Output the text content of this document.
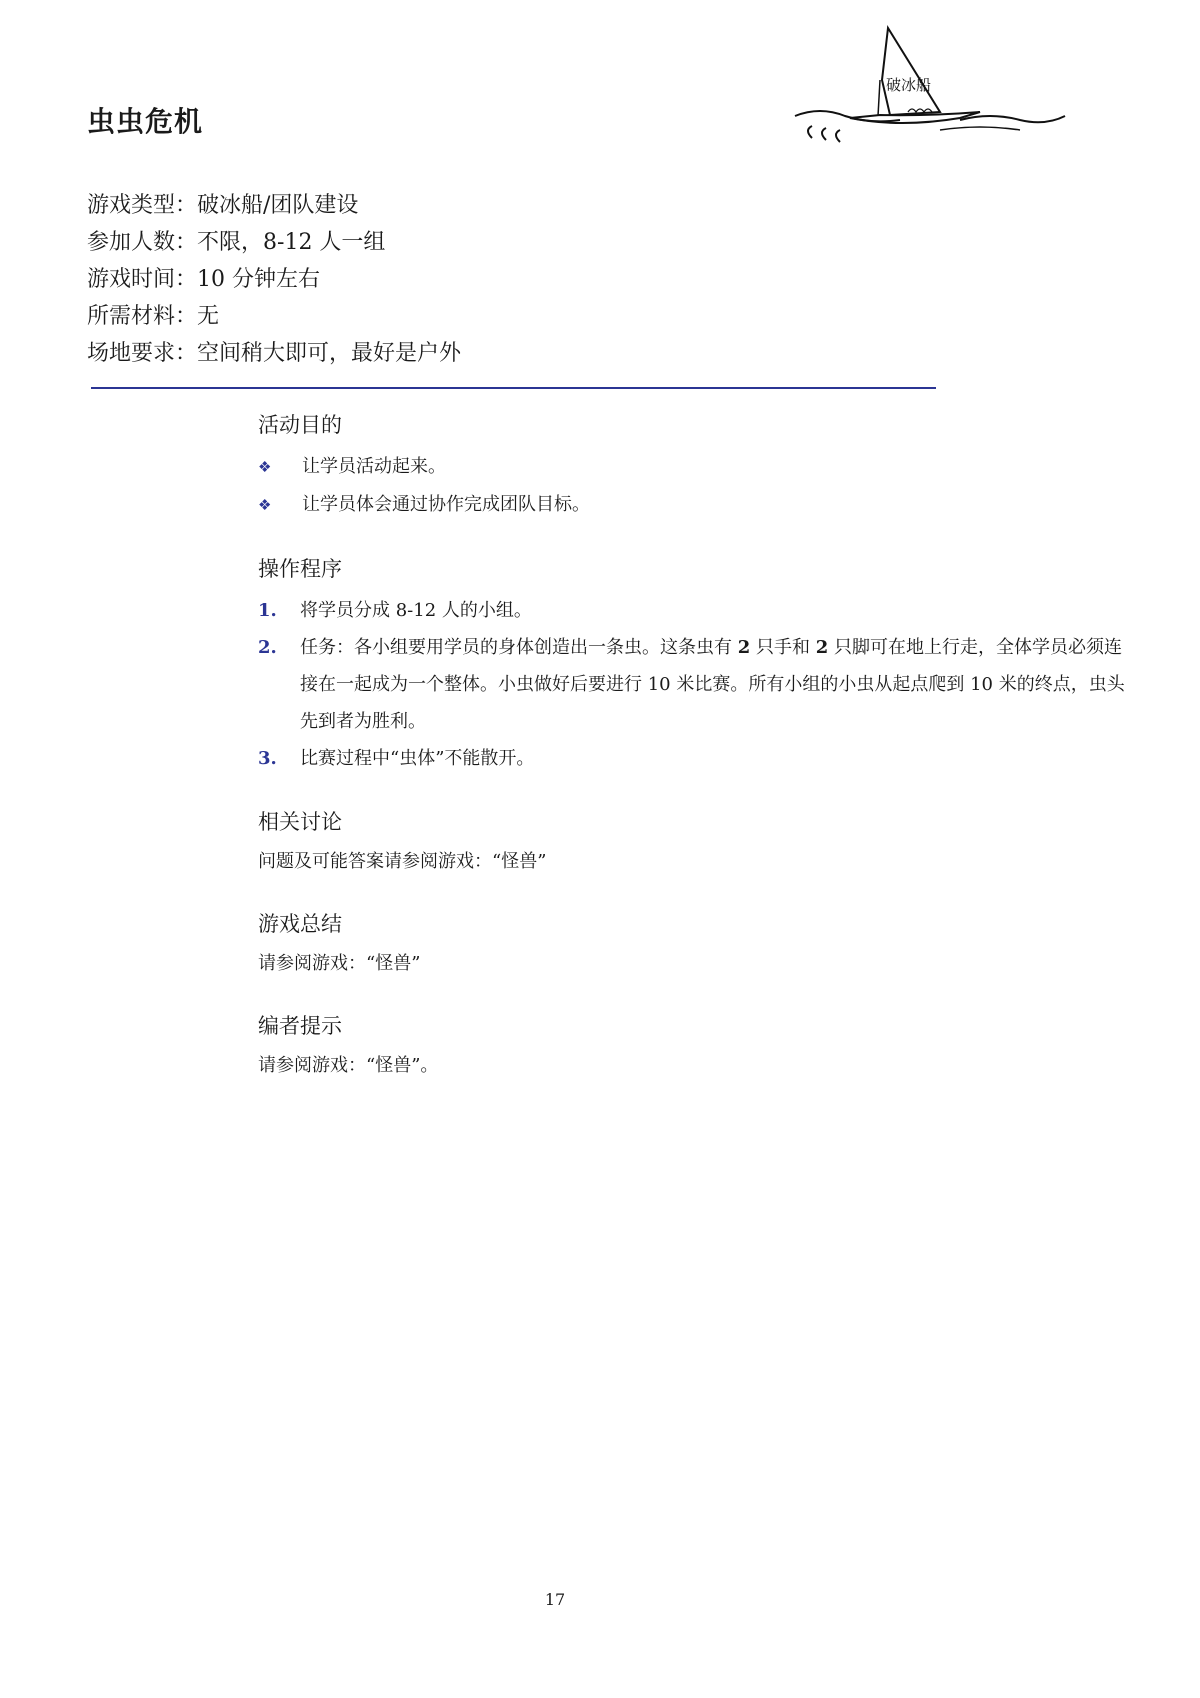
虫虫危机
破冰船
游戏类型：破冰船/团队建设
参加人数：不限，8-12 人一组
游戏时间：10 分钟左右
所需材料：无
场地要求：空间稍大即可，最好是户外
活动目的
❖	让学员活动起来。
❖	让学员体会通过协作完成团队目标。
操作程序
1.	将学员分成 8-12 人的小组。
2.	任务：各小组要用学员的身体创造出一条虫。这条虫有 2 只手和 2 只脚可在地上行走，全体学员必须连接在一起成为一个整体。小虫做好后要进行 10 米比赛。所有小组的小虫从起点爬到 10 米的终点，虫头先到者为胜利。
3.	比赛过程中“虫体”不能散开。
相关讨论

问题及可能答案请参阅游戏：“怪兽”

游戏总结

请参阅游戏：“怪兽”

编者提示

请参阅游戏：“怪兽”。

17
